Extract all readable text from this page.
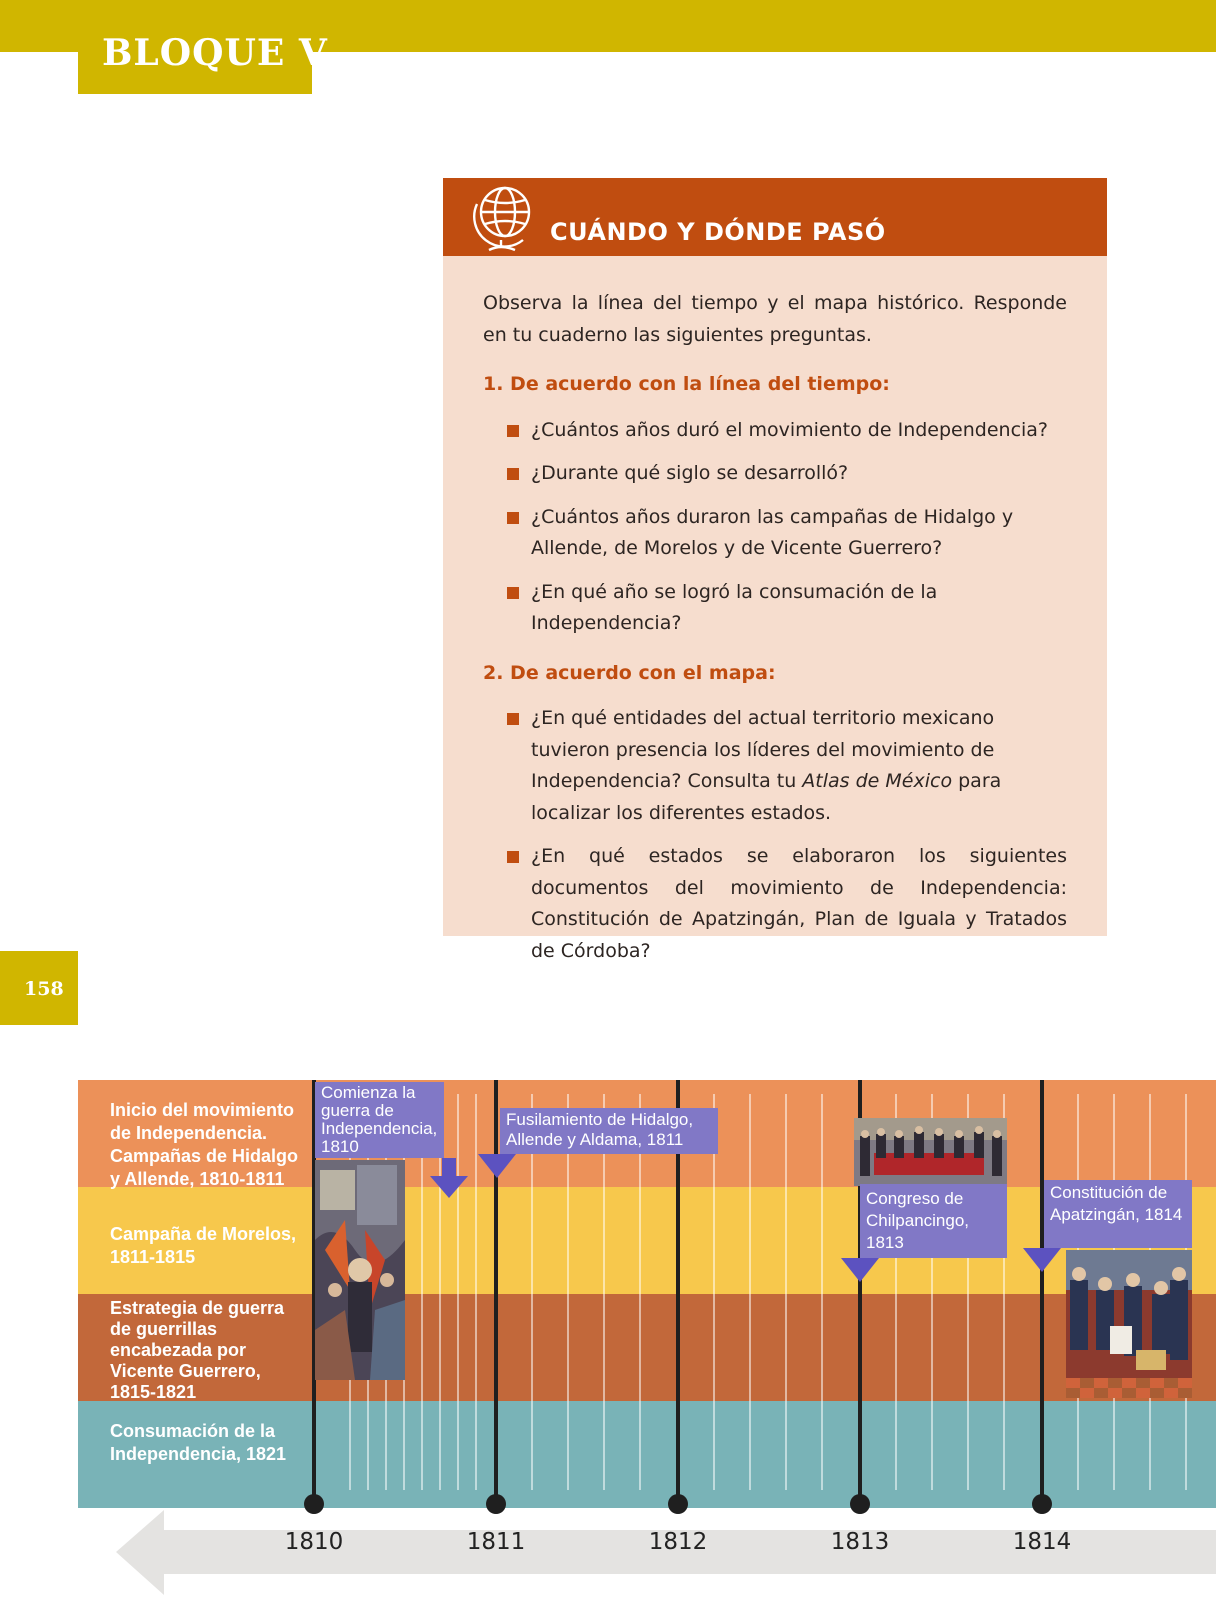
BLOQUE V
CUÁNDO Y DÓNDE PASÓ

Observa la línea del tiempo y el mapa histórico. Responde en tu cuaderno las siguientes preguntas.

1. De acuerdo con la línea del tiempo:

¿Cuántos años duró el movimiento de Independencia?
¿Durante qué siglo se desarrolló?
¿Cuántos años duraron las campañas de Hidalgo y Allende, de Morelos y de Vicente Guerrero?
¿En qué año se logró la consumación de la Independencia?

2. De acuerdo con el mapa:

¿En qué entidades del actual territorio mexicano tuvieron presencia los líderes del movimiento de Independencia? Consulta tu Atlas de México para localizar los diferentes estados.
¿En qué estados se elaboraron los siguientes documentos del movimiento de Independencia: Constitución de Apatzingán, Plan de Iguala y Tratados de Córdoba?
158
Inicio del movimiento de Independencia. Campañas de Hidalgo y Allende, 1810-1811
Campaña de Morelos, 1811-1815
Estrategia de guerra de guerrillas encabezada por Vicente Guerrero, 1815-1821
Consumación de la Independencia, 1821
1810	1811	1812	1813	1814
Comienza la guerra de Independencia, 1810
Fusilamiento de Hidalgo, Allende y Aldama, 1811
Congreso de Chilpancingo, 1813
Constitución de Apatzingán, 1814
